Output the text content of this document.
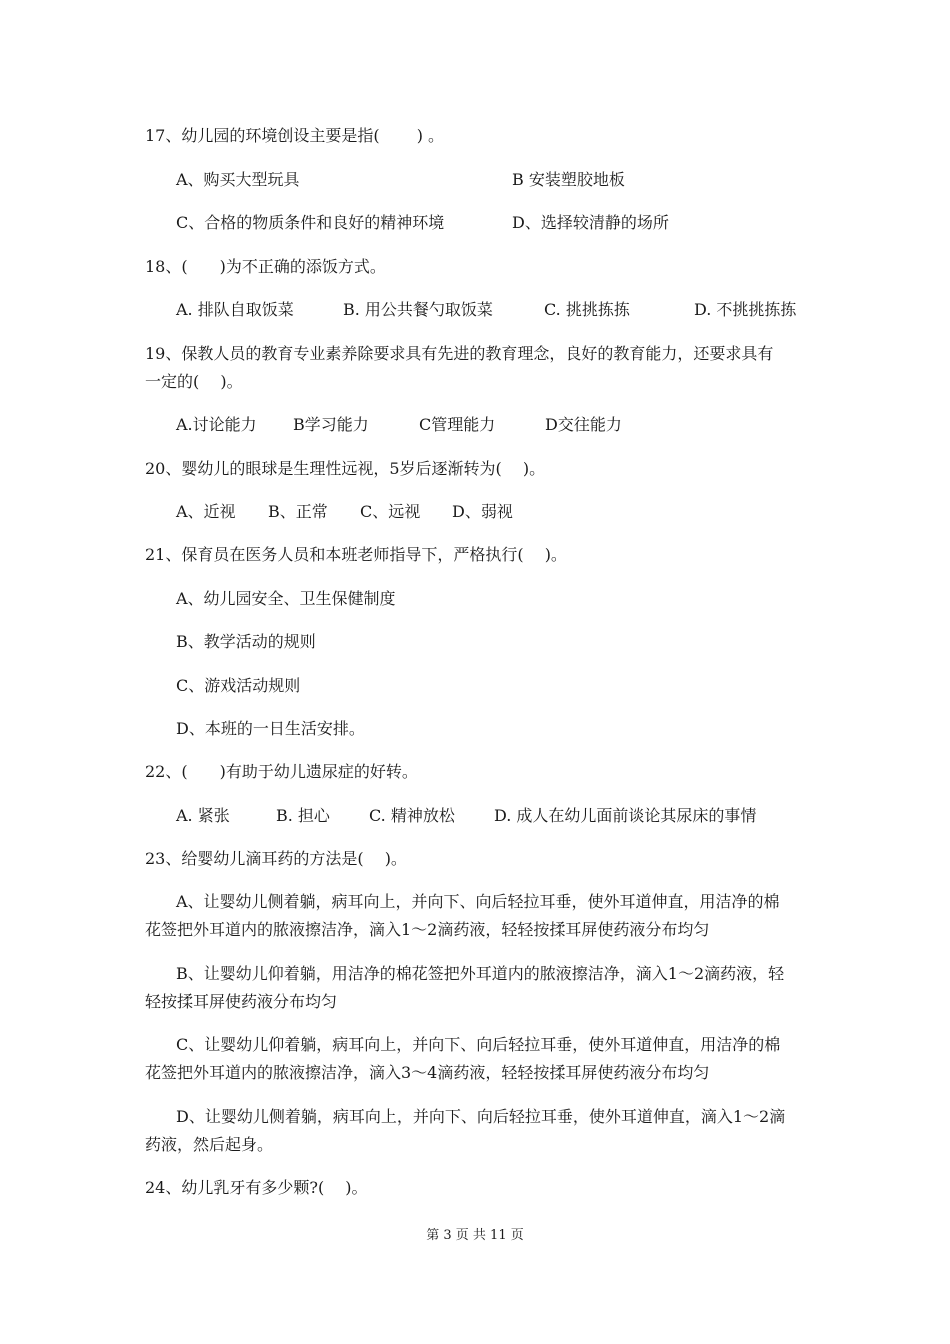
17、幼儿园的环境创设主要是指(　　 ) 。
A、购买大型玩具	B 安装塑胶地板
C、合格的物质条件和良好的精神环境	D、选择较清静的场所
18、(　　)为不正确的添饭方式。
A. 排队自取饭菜	B. 用公共餐勺取饭菜	C. 挑挑拣拣	D. 不挑挑拣拣
19、保教人员的教育专业素养除要求具有先进的教育理念，良好的教育能力，还要求具有
一定的(　 )。
A.讨论能力 B学习能力	C管理能力	D交往能力
20、婴幼儿的眼球是生理性远视，5岁后逐渐转为(　 )。
A、近视 B、正常 C、远视 D、弱视
21、保育员在医务人员和本班老师指导下，严格执行(　 )。
A、幼儿园安全、卫生保健制度
B、教学活动的规则
C、游戏活动规则
D、本班的一日生活安排。
22、(　　)有助于幼儿遗尿症的好转。
A. 紧张	B. 担心 C. 精神放松 D. 成人在幼儿面前谈论其尿床的事情
23、给婴幼儿滴耳药的方法是(　 )。
A、让婴幼儿侧着躺，病耳向上，并向下、向后轻拉耳垂，使外耳道伸直，用洁净的棉
花签把外耳道内的脓液擦洁净，滴入1～2滴药液，轻轻按揉耳屏使药液分布均匀
B、让婴幼儿仰着躺，用洁净的棉花签把外耳道内的脓液擦洁净，滴入1～2滴药液，轻
轻按揉耳屏使药液分布均匀
C、让婴幼儿仰着躺，病耳向上，并向下、向后轻拉耳垂，使外耳道伸直，用洁净的棉
花签把外耳道内的脓液擦洁净，滴入3～4滴药液，轻轻按揉耳屏使药液分布均匀
D、让婴幼儿侧着躺，病耳向上，并向下、向后轻拉耳垂，使外耳道伸直，滴入1～2滴
药液，然后起身。
24、幼儿乳牙有多少颗?(　 )。
第 3 页 共 11 页
